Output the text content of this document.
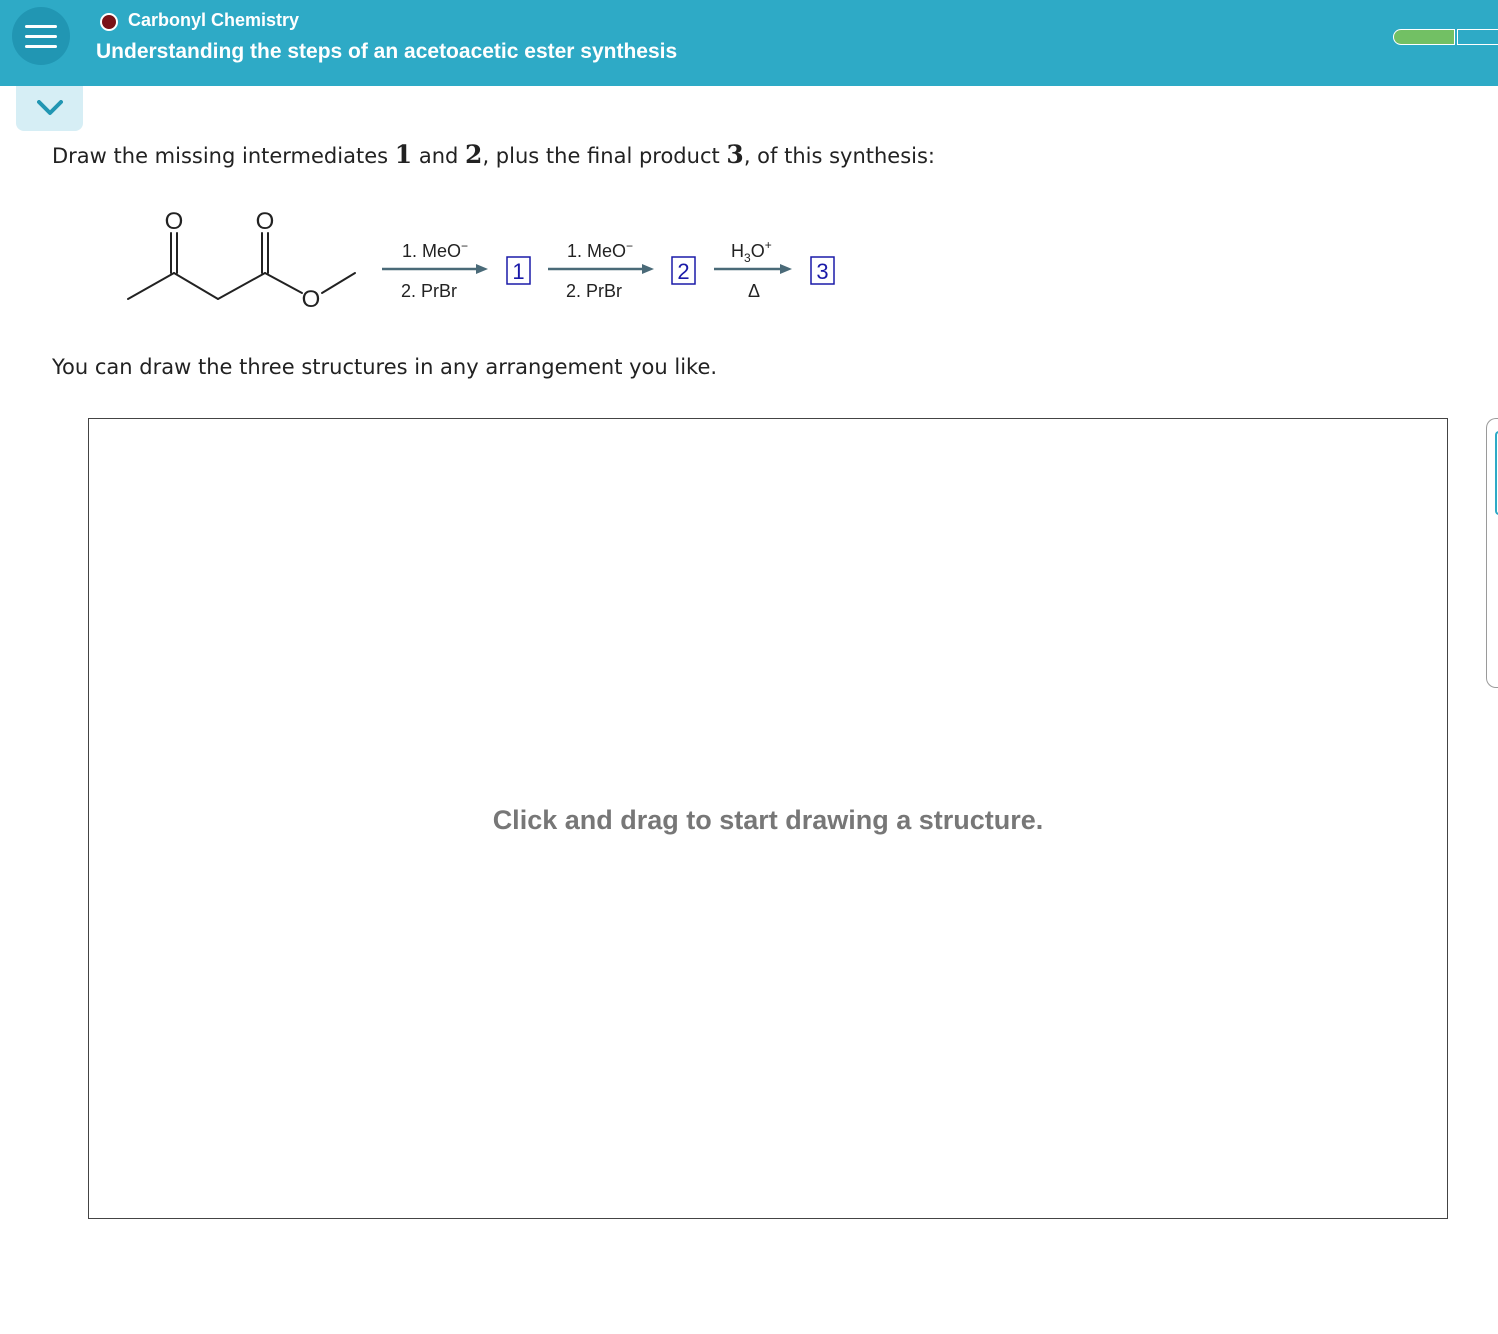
Carbonyl Chemistry
Understanding the steps of an acetoacetic ester synthesis
Draw the missing intermediates 1 and 2, plus the final product 3, of this synthesis:
O	O
O
1. MeO−
2. PrBr
1
1. MeO−
2. PrBr
2
$H_3O^+$
Δ
3
You can draw the three structures in any arrangement you like.
Click and drag to start drawing a structure.
